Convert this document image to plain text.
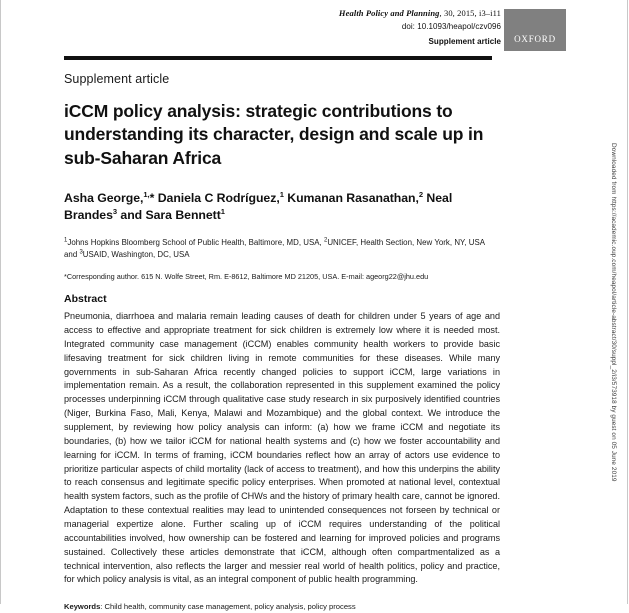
Health Policy and Planning, 30, 2015, i3–i11
doi: 10.1093/heapol/czv096
Supplement article	OXFORD
Supplement article
iCCM policy analysis: strategic contributions to understanding its character, design and scale up in sub-Saharan Africa
Asha George,$^{1,}$* Daniela C Rodríguez,$^1$ Kumanan Rasanathan,$^2$ Neal Brandes$^3$ and Sara Bennett$^1$
$^1$Johns Hopkins Bloomberg School of Public Health, Baltimore, MD, USA, $^2$UNICEF, Health Section, New York, NY, USA and $^3$USAID, Washington, DC, USA
*Corresponding author. 615 N. Wolfe Street, Rm. E-8612, Baltimore MD 21205, USA. E-mail: ageorg22@jhu.edu
Abstract

Pneumonia, diarrhoea and malaria remain leading causes of death for children under 5 years of age and access to effective and appropriate treatment for sick children is extremely low where it is needed most. Integrated community case management (iCCM) enables community health workers to provide basic lifesaving treatment for sick children living in remote communities for these diseases. While many governments in sub-Saharan Africa recently changed policies to support iCCM, large variations in implementation remain. As a result, the collaboration represented in this supplement examined the policy processes underpinning iCCM through qualitative case study research in six purposively identified countries (Niger, Burkina Faso, Mali, Kenya, Malawi and Mozambique) and the global context. We introduce the supplement, by reviewing how policy analysis can inform: (a) how we frame iCCM and negotiate its boundaries, (b) how we tailor iCCM for national health systems and (c) how we foster accountability and learning for iCCM. In terms of framing, iCCM boundaries reflect how an array of actors use evidence to prioritize particular aspects of child mortality (lack of access to treatment), and how this underpins the ability to reach consensus and legitimate specific policy enterprises. When promoted at national level, contextual health system factors, such as the profile of CHWs and the history of primary health care, cannot be ignored. Adaptation to these contextual realities may lead to unintended consequences not forseen by technical or managerial expertize alone. Further scaling up of iCCM requires understanding of the political accountabilities involved, how ownership can be fostered and learning for improved policies and programs sustained. Collectively these articles demonstrate that iCCM, although often compartmentalized as a technical intervention, also reflects the larger and messier real world of health politics, policy and practice, for which policy analysis is vital, as an integral component of public health programming.

Keywords: Child health, community case management, policy analysis, policy process
Downloaded from https://academic.oup.com/heapol/article-abstract/30/suppl_2/i3/573918 by guest on 05 June 2019
